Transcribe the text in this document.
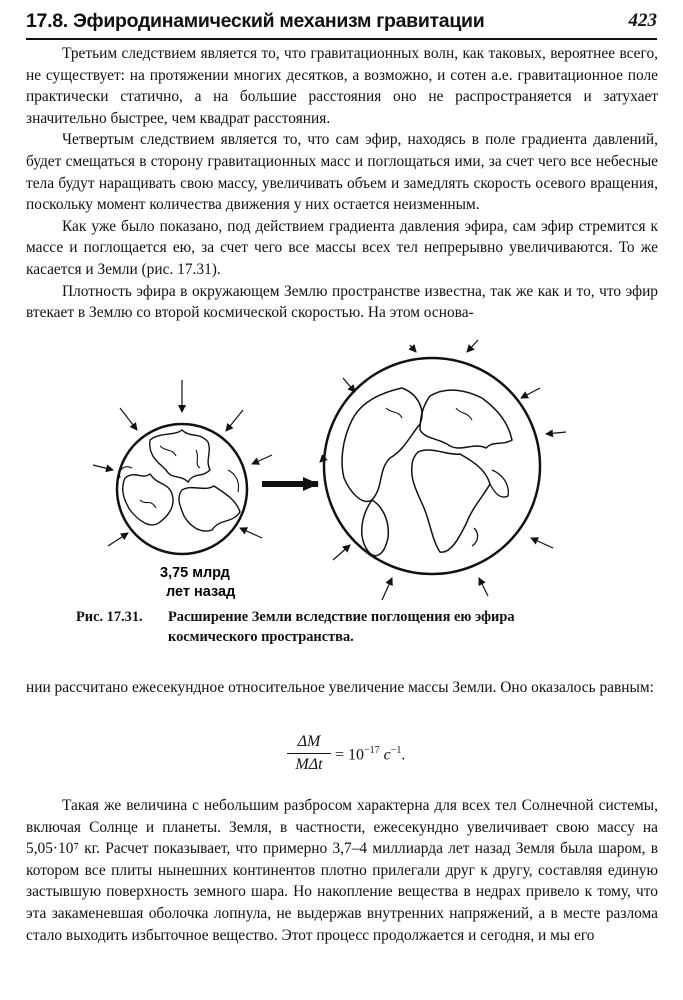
17.8. Эфиродинамический механизм гравитации	423

Третьим следствием является то, что гравитационных волн, как таковых, вероятнее всего, не существует: на протяжении многих десятков, а возможно, и сотен а.е. гравитационное поле практически статично, а на большие расстояния оно не распространяется и затухает значительно быстрее, чем квадрат расстояния.

Четвертым следствием является то, что сам эфир, находясь в поле градиента давлений, будет смещаться в сторону гравитационных масс и поглощаться ими, за счет чего все небесные тела будут наращивать свою массу, увеличивать объем и замедлять скорость осевого вращения, поскольку момент количества движения у них остается неизменным.

Как уже было показано, под действием градиента давления эфира, сам эфир стремится к массе и поглощается ею, за счет чего все массы всех тел непрерывно увеличиваются. То же касается и Земли (рис. 17.31).

Плотность эфира в окружающем Землю пространстве известна, так же как и то, что эфир втекает в Землю со второй космической скоростью. На этом основа-

3,75 млрд
лет назад
Рис. 17.31. Расширение Земли вследствие поглощения ею эфира
космического пространства.

нии рассчитано ежесекундное относительное увеличение массы Земли. Оно оказалось равным:

ΔM
MΔt
= $10^{-17}$ $c^{-1}$.

Такая же величина с небольшим разбросом характерна для всех тел Солнечной системы, включая Солнце и планеты. Земля, в частности, ежесекундно увеличивает свою массу на 5,05·10⁷ кг. Расчет показывает, что примерно 3,7–4 миллиарда лет назад Земля была шаром, в котором все плиты нынешних континентов плотно прилегали друг к другу, составляя единую застывшую поверхность земного шара. Но накопление вещества в недрах привело к тому, что эта закаменевшая оболочка лопнула, не выдержав внутренних напряжений, а в месте разлома стало выходить избыточное вещество. Этот процесс продолжается и сегодня, и мы его
